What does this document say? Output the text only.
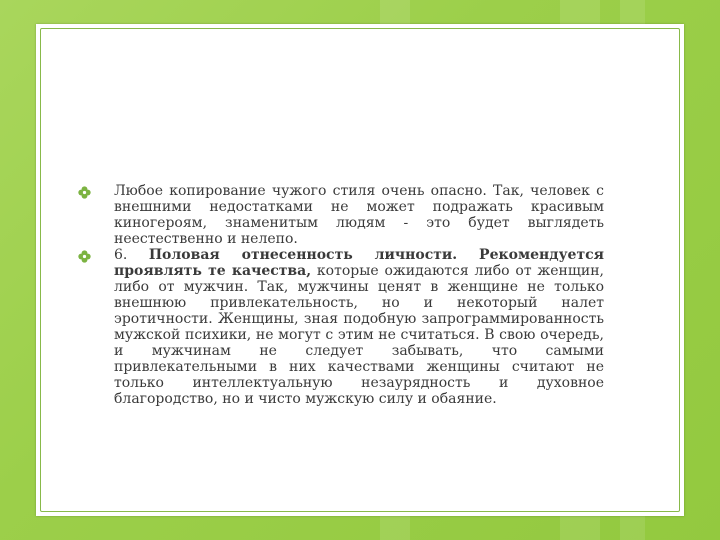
Любое копирование чужого стиля очень опасно. Так, человек с внешними недостатками не может подражать красивым киногероям, знаменитым людям - это будет выглядеть неестественно и нелепо.

6. Половая отнесенность личности. Рекомендуется проявлять те качества, которые ожидаются либо от женщин, либо от мужчин. Так, мужчины ценят в женщине не только внешнюю привлекательность, но и некоторый налет эротичности. Женщины, зная подобную запрограммированность мужской психики, не могут с этим не считаться. В свою очередь, и мужчинам не следует забывать, что самыми привлекательными в них качествами женщины считают не только интеллектуальную незаурядность и духовное благородство, но и чисто мужскую силу и обаяние.
